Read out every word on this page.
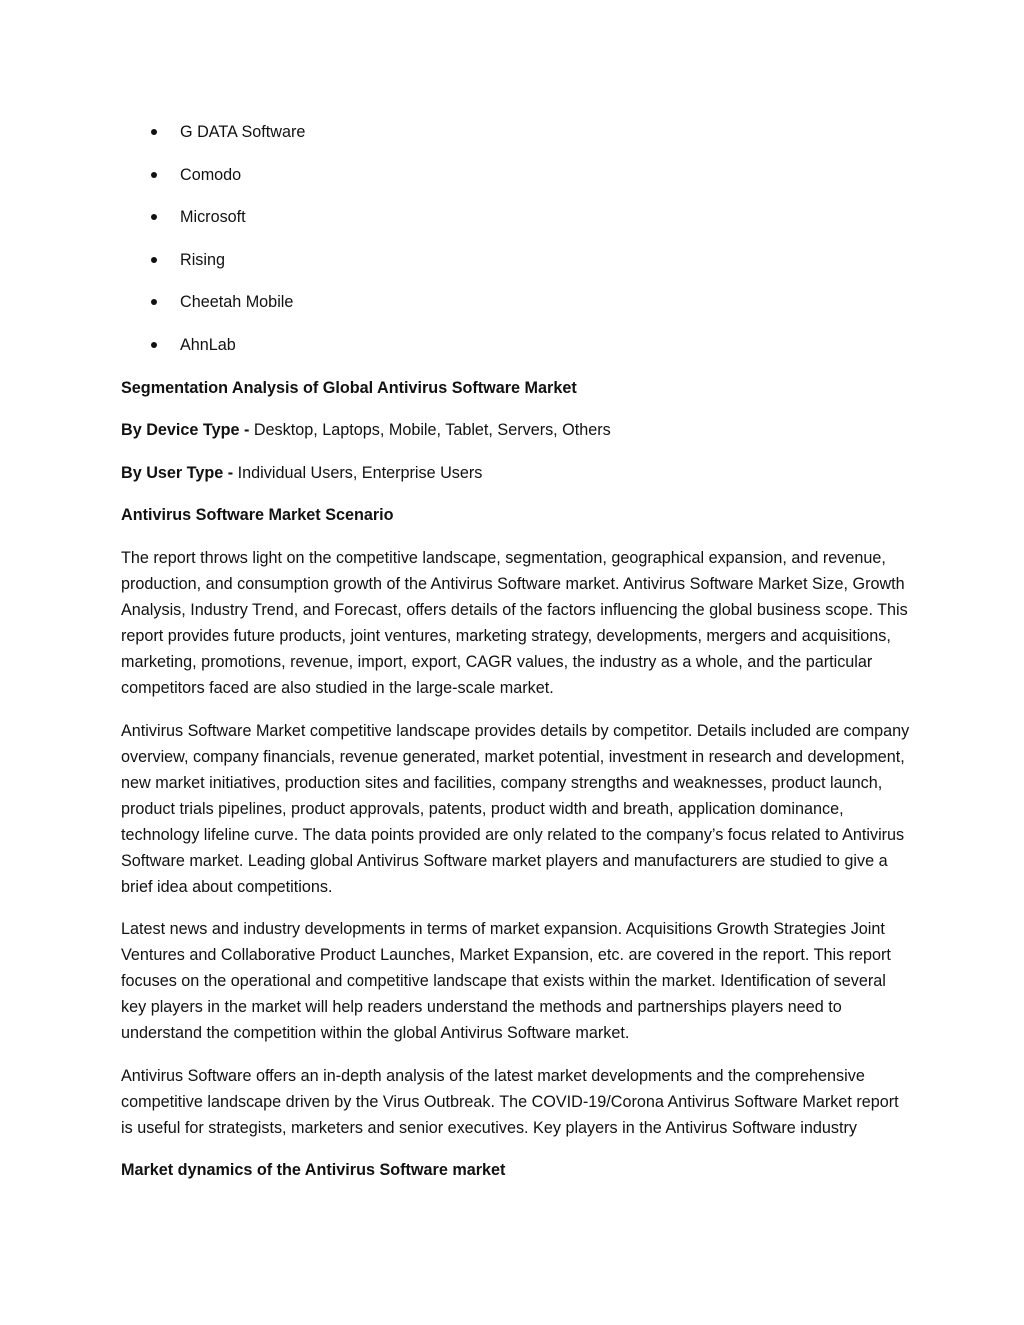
G DATA Software
Comodo
Microsoft
Rising
Cheetah Mobile
AhnLab

Segmentation Analysis of Global Antivirus Software Market

By Device Type - Desktop, Laptops, Mobile, Tablet, Servers, Others

By User Type - Individual Users, Enterprise Users

Antivirus Software Market Scenario

The report throws light on the competitive landscape, segmentation, geographical expansion, and revenue, production, and consumption growth of the Antivirus Software market. Antivirus Software Market Size, Growth Analysis, Industry Trend, and Forecast, offers details of the factors influencing the global business scope. This report provides future products, joint ventures, marketing strategy, developments, mergers and acquisitions, marketing, promotions, revenue, import, export, CAGR values, the industry as a whole, and the particular competitors faced are also studied in the large-scale market.

Antivirus Software Market competitive landscape provides details by competitor. Details included are company overview, company financials, revenue generated, market potential, investment in research and development, new market initiatives, production sites and facilities, company strengths and weaknesses, product launch, product trials pipelines, product approvals, patents, product width and breath, application dominance, technology lifeline curve. The data points provided are only related to the company’s focus related to Antivirus Software market. Leading global Antivirus Software market players and manufacturers are studied to give a brief idea about competitions.

Latest news and industry developments in terms of market expansion. Acquisitions Growth Strategies Joint Ventures and Collaborative Product Launches, Market Expansion, etc. are covered in the report. This report focuses on the operational and competitive landscape that exists within the market. Identification of several key players in the market will help readers understand the methods and partnerships players need to understand the competition within the global Antivirus Software market.

Antivirus Software offers an in-depth analysis of the latest market developments and the comprehensive competitive landscape driven by the Virus Outbreak. The COVID-19/Corona Antivirus Software Market report is useful for strategists, marketers and senior executives. Key players in the Antivirus Software industry

Market dynamics of the Antivirus Software market
